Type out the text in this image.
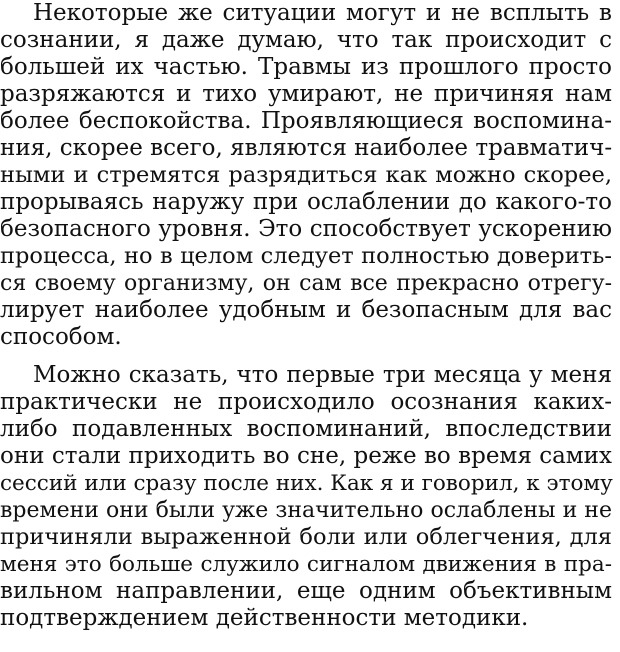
Некоторые же ситуации могут и не всплыть в
сознании, я даже думаю, что так происходит с
большей их частью. Травмы из прошлого просто
разряжаются и тихо умирают, не причиняя нам
более беспокойства. Проявляющиеся воспомина-
ния, скорее всего, являются наиболее травматич-
ными и стремятся разрядиться как можно скорее,
прорываясь наружу при ослаблении до какого-то
безопасного уровня. Это способствует ускорению
процесса, но в целом следует полностью доверить-
ся своему организму, он сам все прекрасно отрегу-
лирует наиболее удобным и безопасным для вас
способом.
Можно сказать, что первые три месяца у меня
практически не происходило осознания каких-
либо подавленных воспоминаний, впоследствии
они стали приходить во сне, реже во время самих
сессий или сразу после них. Как я и говорил, к этому
времени они были уже значительно ослаблены и не
причиняли выраженной боли или облегчения, для
меня это больше служило сигналом движения в пра-
вильном направлении, еще одним объективным
подтверждением действенности методики.
